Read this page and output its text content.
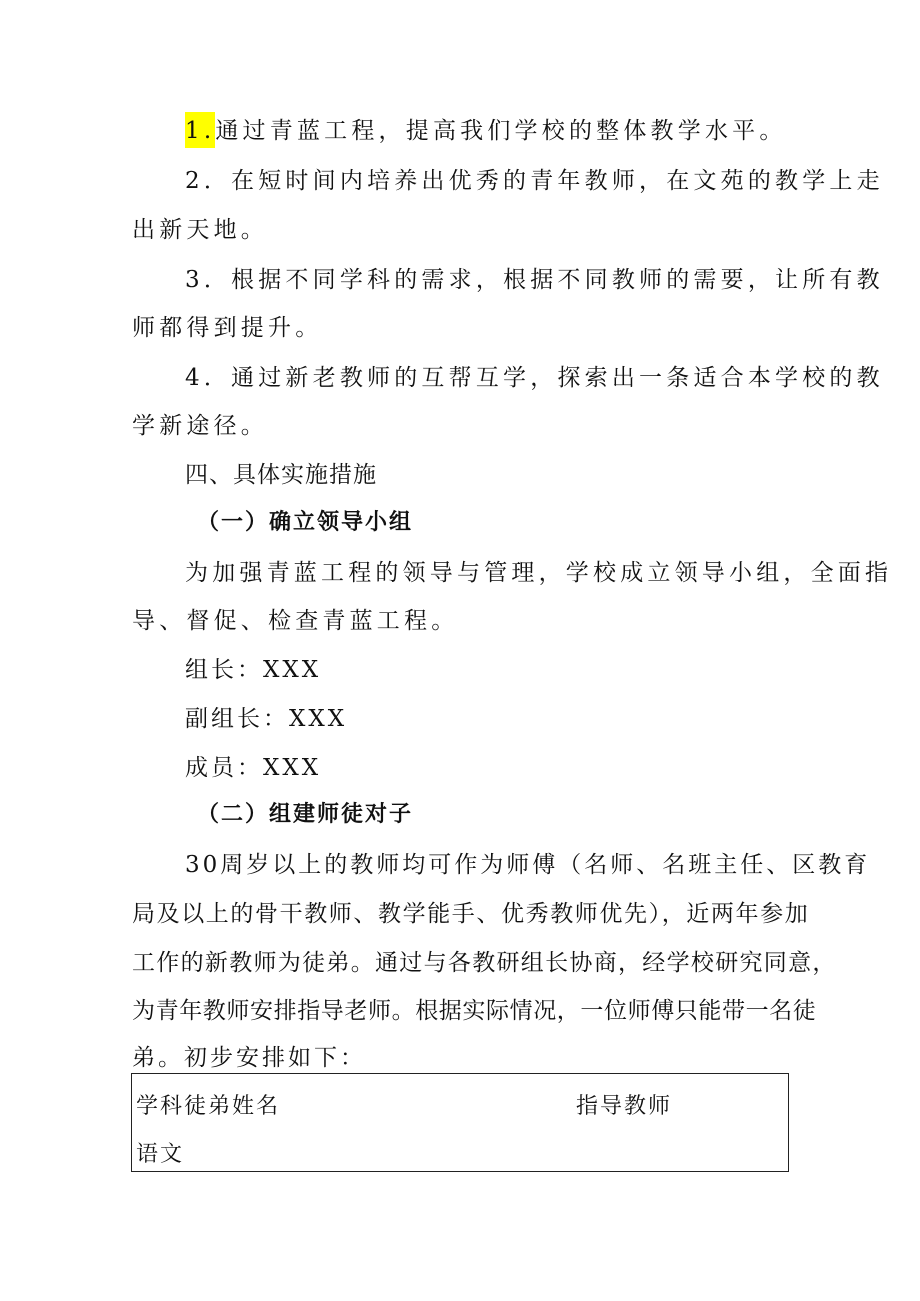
1.通过青蓝工程，提高我们学校的整体教学水平。
2．在短时间内培养出优秀的青年教师，在文苑的教学上走
出新天地。
3．根据不同学科的需求，根据不同教师的需要，让所有教
师都得到提升。
4．通过新老教师的互帮互学，探索出一条适合本学校的教
学新途径。
四、具体实施措施
（一）确立领导小组
为加强青蓝工程的领导与管理，学校成立领导小组，全面指
导、督促、检查青蓝工程。
组长：XXX
副组长：XXX
成员：XXX
（二）组建师徒对子
30周岁以上的教师均可作为师傅（名师、名班主任、区教育
局及以上的骨干教师、教学能手、优秀教师优先），近两年参加
工作的新教师为徒弟。通过与各教研组长协商，经学校研究同意，
为青年教师安排指导老师。根据实际情况，一位师傅只能带一名徒
弟。初步安排如下：
学科徒弟姓名	指导教师
语文
